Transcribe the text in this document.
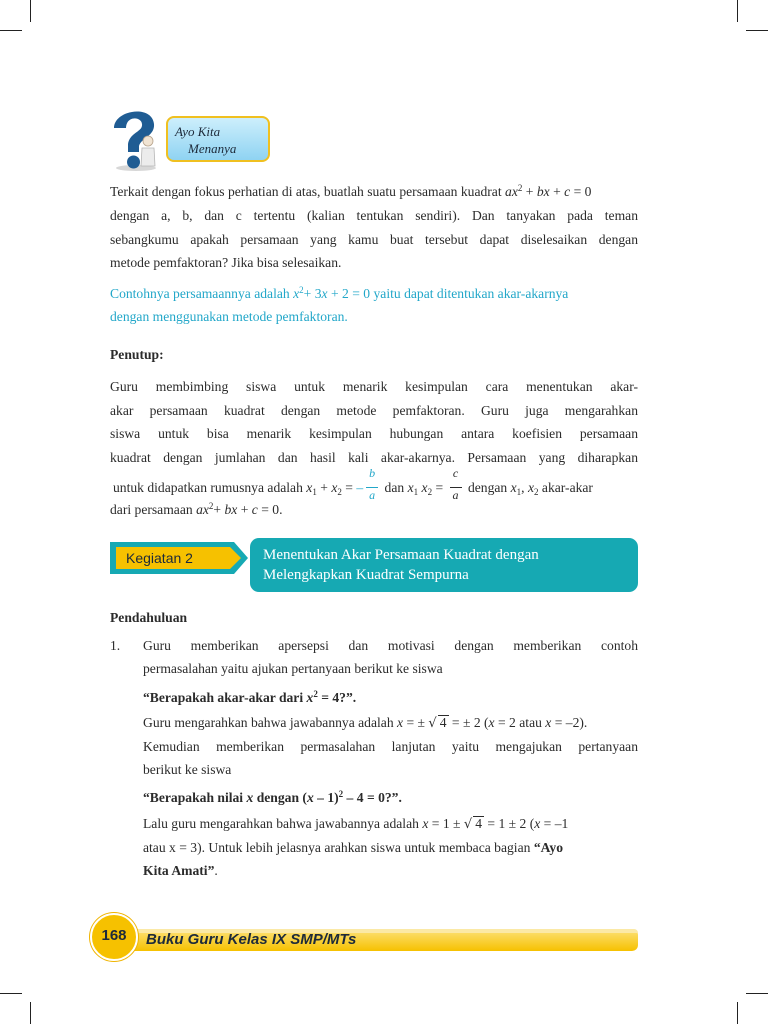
Ayo Kita
Menanya
Terkait dengan fokus perhatian di atas, buatlah suatu persamaan kuadrat $ax^2$ + bx + c = 0
dengan a, b, dan c tertentu (kalian tentukan sendiri). Dan tanyakan pada teman
sebangkumu apakah persamaan yang kamu buat tersebut dapat diselesaikan dengan
metode pemfaktoran? Jika bisa selesaikan.
Contohnya persamaannya adalah $x^2+ 3x + 2 = 0$ yaitu dapat ditentukan akar-akarnya
dengan menggunakan metode pemfaktoran.
Penutup:
Guru membimbing siswa untuk menarik kesimpulan cara menentukan akar-
akar persamaan kuadrat dengan metode pemfaktoran. Guru juga mengarahkan
siswa untuk bisa menarik kesimpulan hubungan antara koefisien persamaan
kuadrat dengan jumlahan dan hasil kali akar-akarnya. Persamaan yang diharapkan
untuk didapatkan rumusnya adalah $x_1 + x_2$ = – $\frac{b}{a}$ dan $x_1$ $x_2 = \frac{c}{a}$ dengan $x_1$, $x_2$ akar-akar
dari persamaan $ax^2+$ bx + c = 0.
Kegiatan 2	Menentukan Akar Persamaan Kuadrat dengan
Melengkapkan Kuadrat Sempurna
Pendahuluan
1. Guru memberikan apersepsi dan motivasi dengan memberikan contoh
permasalahan yaitu ajukan pertanyaan berikut ke siswa
“Berapakah akar-akar dari $x^2 = 4$?”.
Guru mengarahkan bahwa jawabannya adalah x = ± √ 4 = ± 2 (x = 2 atau x = –2).
Kemudian memberikan permasalahan lanjutan yaitu mengajukan pertanyaan
berikut ke siswa
“Berapakah nilai x dengan (x – 1)$^2$ – 4 = 0?”.
Lalu guru mengarahkan bahwa jawabannya adalah x = 1 ± √ 4 = 1 ± 2 (x = –1
atau x = 3). Untuk lebih jelasnya arahkan siswa untuk membaca bagian “Ayo
Kita Amati”.
168	Buku Guru Kelas IX SMP/MTs
